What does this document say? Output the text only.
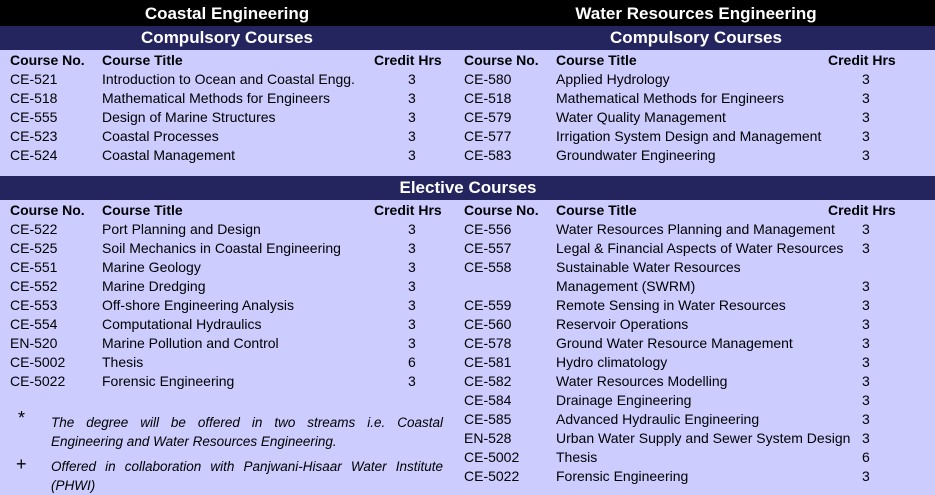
Coastal Engineering	Water Resources Engineering
Compulsory Courses	Compulsory Courses
Elective Courses
Course No. Course Title	Credit Hrs Course No. Course Title	Credit Hrs
Course No. Course Title	Credit Hrs Course No. Course Title	Credit Hrs
CE-521	Introduction to Ocean and Coastal Engg.	3
CE-518	Mathematical Methods for Engineers	3
CE-555	Design of Marine Structures	3
CE-523	Coastal Processes	3
CE-524	Coastal Management	3
CE-580	Applied Hydrology	3
CE-518	Mathematical Methods for Engineers	3
CE-579	Water Quality Management	3
CE-577	Irrigation System Design and Management	3
CE-583	Groundwater Engineering	3
CE-522	Port Planning and Design	3
CE-525	Soil Mechanics in Coastal Engineering	3
CE-551	Marine Geology	3
CE-552	Marine Dredging	3
CE-553	Off-shore Engineering Analysis	3
CE-554	Computational Hydraulics	3
EN-520	Marine Pollution and Control	3
CE-5002	Thesis	6
CE-5022	Forensic Engineering	3
CE-556	Water Resources Planning and Management 3
CE-557	Legal & Financial Aspects of Water Resources 3
CE-558	Sustainable Water Resources
Management (SWRM)	3
CE-559	Remote Sensing in Water Resources	3
CE-560	Reservoir Operations	3
CE-578	Ground Water Resource Management	3
CE-581	Hydro climatology	3
CE-582	Water Resources Modelling	3
CE-584	Drainage Engineering	3
CE-585	Advanced Hydraulic Engineering	3
EN-528	Urban Water Supply and Sewer System Design 3
CE-5002	Thesis	6
CE-5022	Forensic Engineering	3
* The degree will be offered in two streams i.e. Coastal Engineering and Water Resources Engineering.
+ Offered in collaboration with Panjwani-Hisaar Water Institute (PHWI)
